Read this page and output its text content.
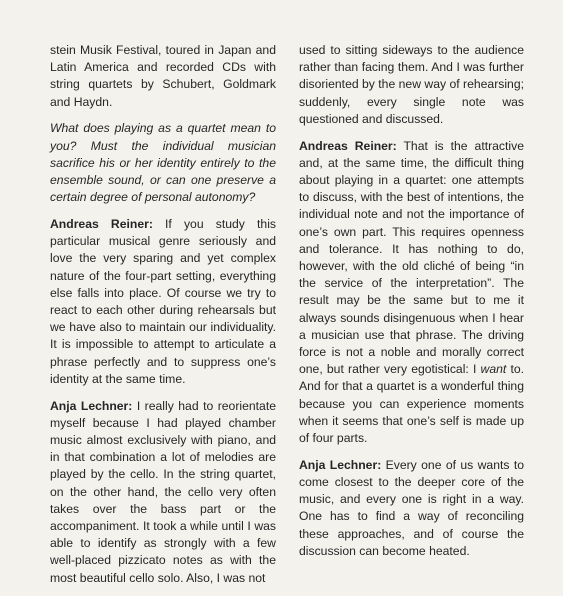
stein Musik Festival, toured in Japan and Latin America and recorded CDs with string quartets by Schubert, Goldmark and Haydn.

What does playing as a quartet mean to you? Must the individual musician sacrifice his or her identity entirely to the ensemble sound, or can one preserve a certain degree of personal autonomy?

Andreas Reiner: If you study this particular musical genre seriously and love the very sparing and yet complex nature of the four-part setting, everything else falls into place. Of course we try to react to each other during rehearsals but we have also to maintain our individuality. It is impossible to attempt to articulate a phrase perfectly and to suppress one’s identity at the same time.

Anja Lechner: I really had to reorientate myself because I had played chamber music almost exclusively with piano, and in that combination a lot of melodies are played by the cello. In the string quartet, on the other hand, the cello very often takes over the bass part or the accompaniment. It took a while until I was able to identify as strongly with a few well-placed pizzicato notes as with the most beautiful cello solo. Also, I was not

used to sitting sideways to the audience rather than facing them. And I was further disoriented by the new way of rehearsing; suddenly, every single note was questioned and discussed.

Andreas Reiner: That is the attractive and, at the same time, the difficult thing about playing in a quartet: one attempts to discuss, with the best of intentions, the individual note and not the importance of one’s own part. This requires openness and tolerance. It has nothing to do, however, with the old cliché of being “in the service of the interpretation”. The result may be the same but to me it always sounds disingenuous when I hear a musician use that phrase. The driving force is not a noble and morally correct one, but rather very egotistical: I want to. And for that a quartet is a wonderful thing because you can experience moments when it seems that one’s self is made up of four parts.

Anja Lechner: Every one of us wants to come closest to the deeper core of the music, and every one is right in a way. One has to find a way of reconciling these approaches, and of course the discussion can become heated.
